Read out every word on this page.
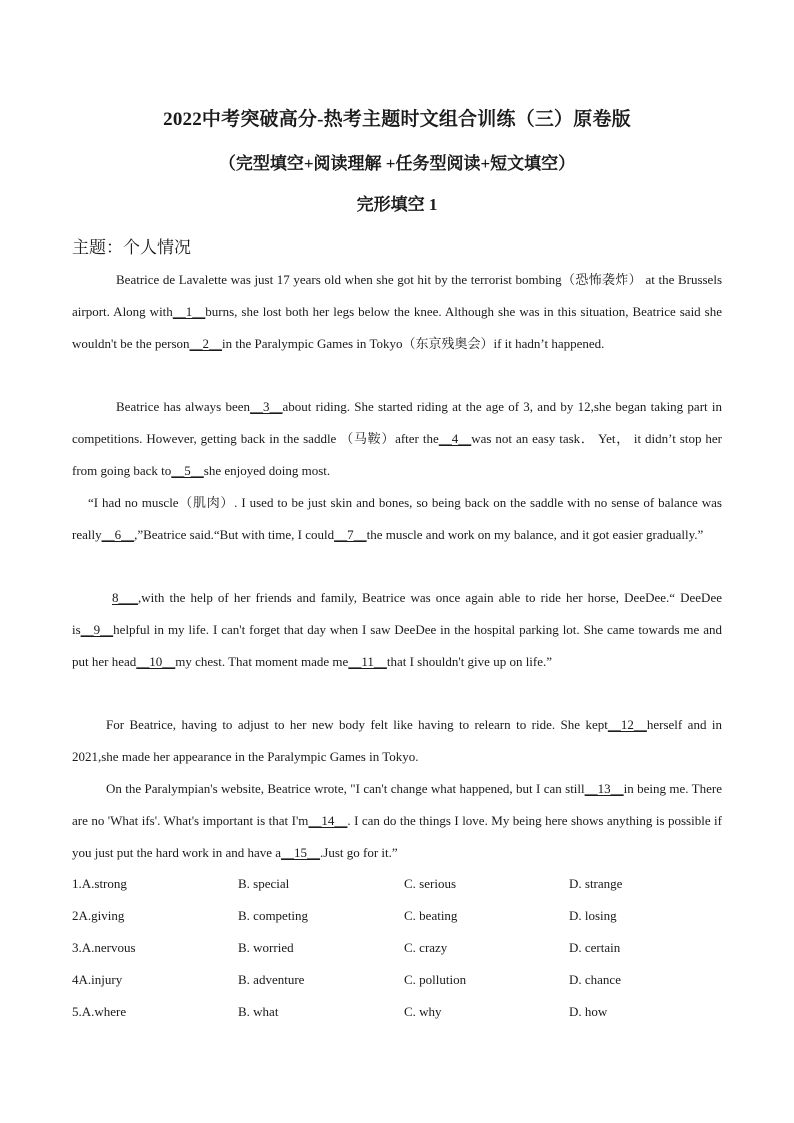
2022中考突破高分-热考主题时文组合训练（三）原卷版
（完型填空+阅读理解 +任务型阅读+短文填空）
完形填空 1
主题：个人情况

Beatrice de Lavalette was just 17 years old when she got hit by the terrorist bombing（恐怖袭炸） at the Brussels airport. Along with__1__burns, she lost both her legs below the knee. Although she was in this situation, Beatrice said she wouldn't be the person__2__in the Paralympic Games in Tokyo（东京残奥会）if it hadn’t happened.

Beatrice has always been__3__about riding. She started riding at the age of 3, and by 12,she began taking part in competitions. However, getting back in the saddle （马鞍）after the__4__was not an easy task． Yet， it didn’t stop her from going back to__5__she enjoyed doing most.

“I had no muscle（肌肉）. I used to be just skin and bones, so being back on the saddle with no sense of balance was really__6__,”Beatrice said.“But with time, I could__7__the muscle and work on my balance, and it got easier gradually.”

8___,with the help of her friends and family, Beatrice was once again able to ride her horse, DeeDee.“ DeeDee is__9__helpful in my life. I can't forget that day when I saw DeeDee in the hospital parking lot. She came towards me and put her head__10__my chest. That moment made me__11__that I shouldn't give up on life.”

For Beatrice, having to adjust to her new body felt like having to relearn to ride. She kept__12__herself and in 2021,she made her appearance in the Paralympic Games in Tokyo.

On the Paralympian's website, Beatrice wrote, "I can't change what happened, but I can still__13__in being me. There are no 'What ifs'. What's important is that I'm__14__. I can do the things I love. My being here shows anything is possible if you just put the hard work in and have a__15__.Just go for it.”

1.A.strong	B. special	C. serious	D. strange
2A.giving	B. competing	C. beating	D. losing
3.A.nervous	B. worried	C. crazy	D. certain
4A.injury	B. adventure	C. pollution	D. chance
5.A.where	B. what	C. why	D. how
